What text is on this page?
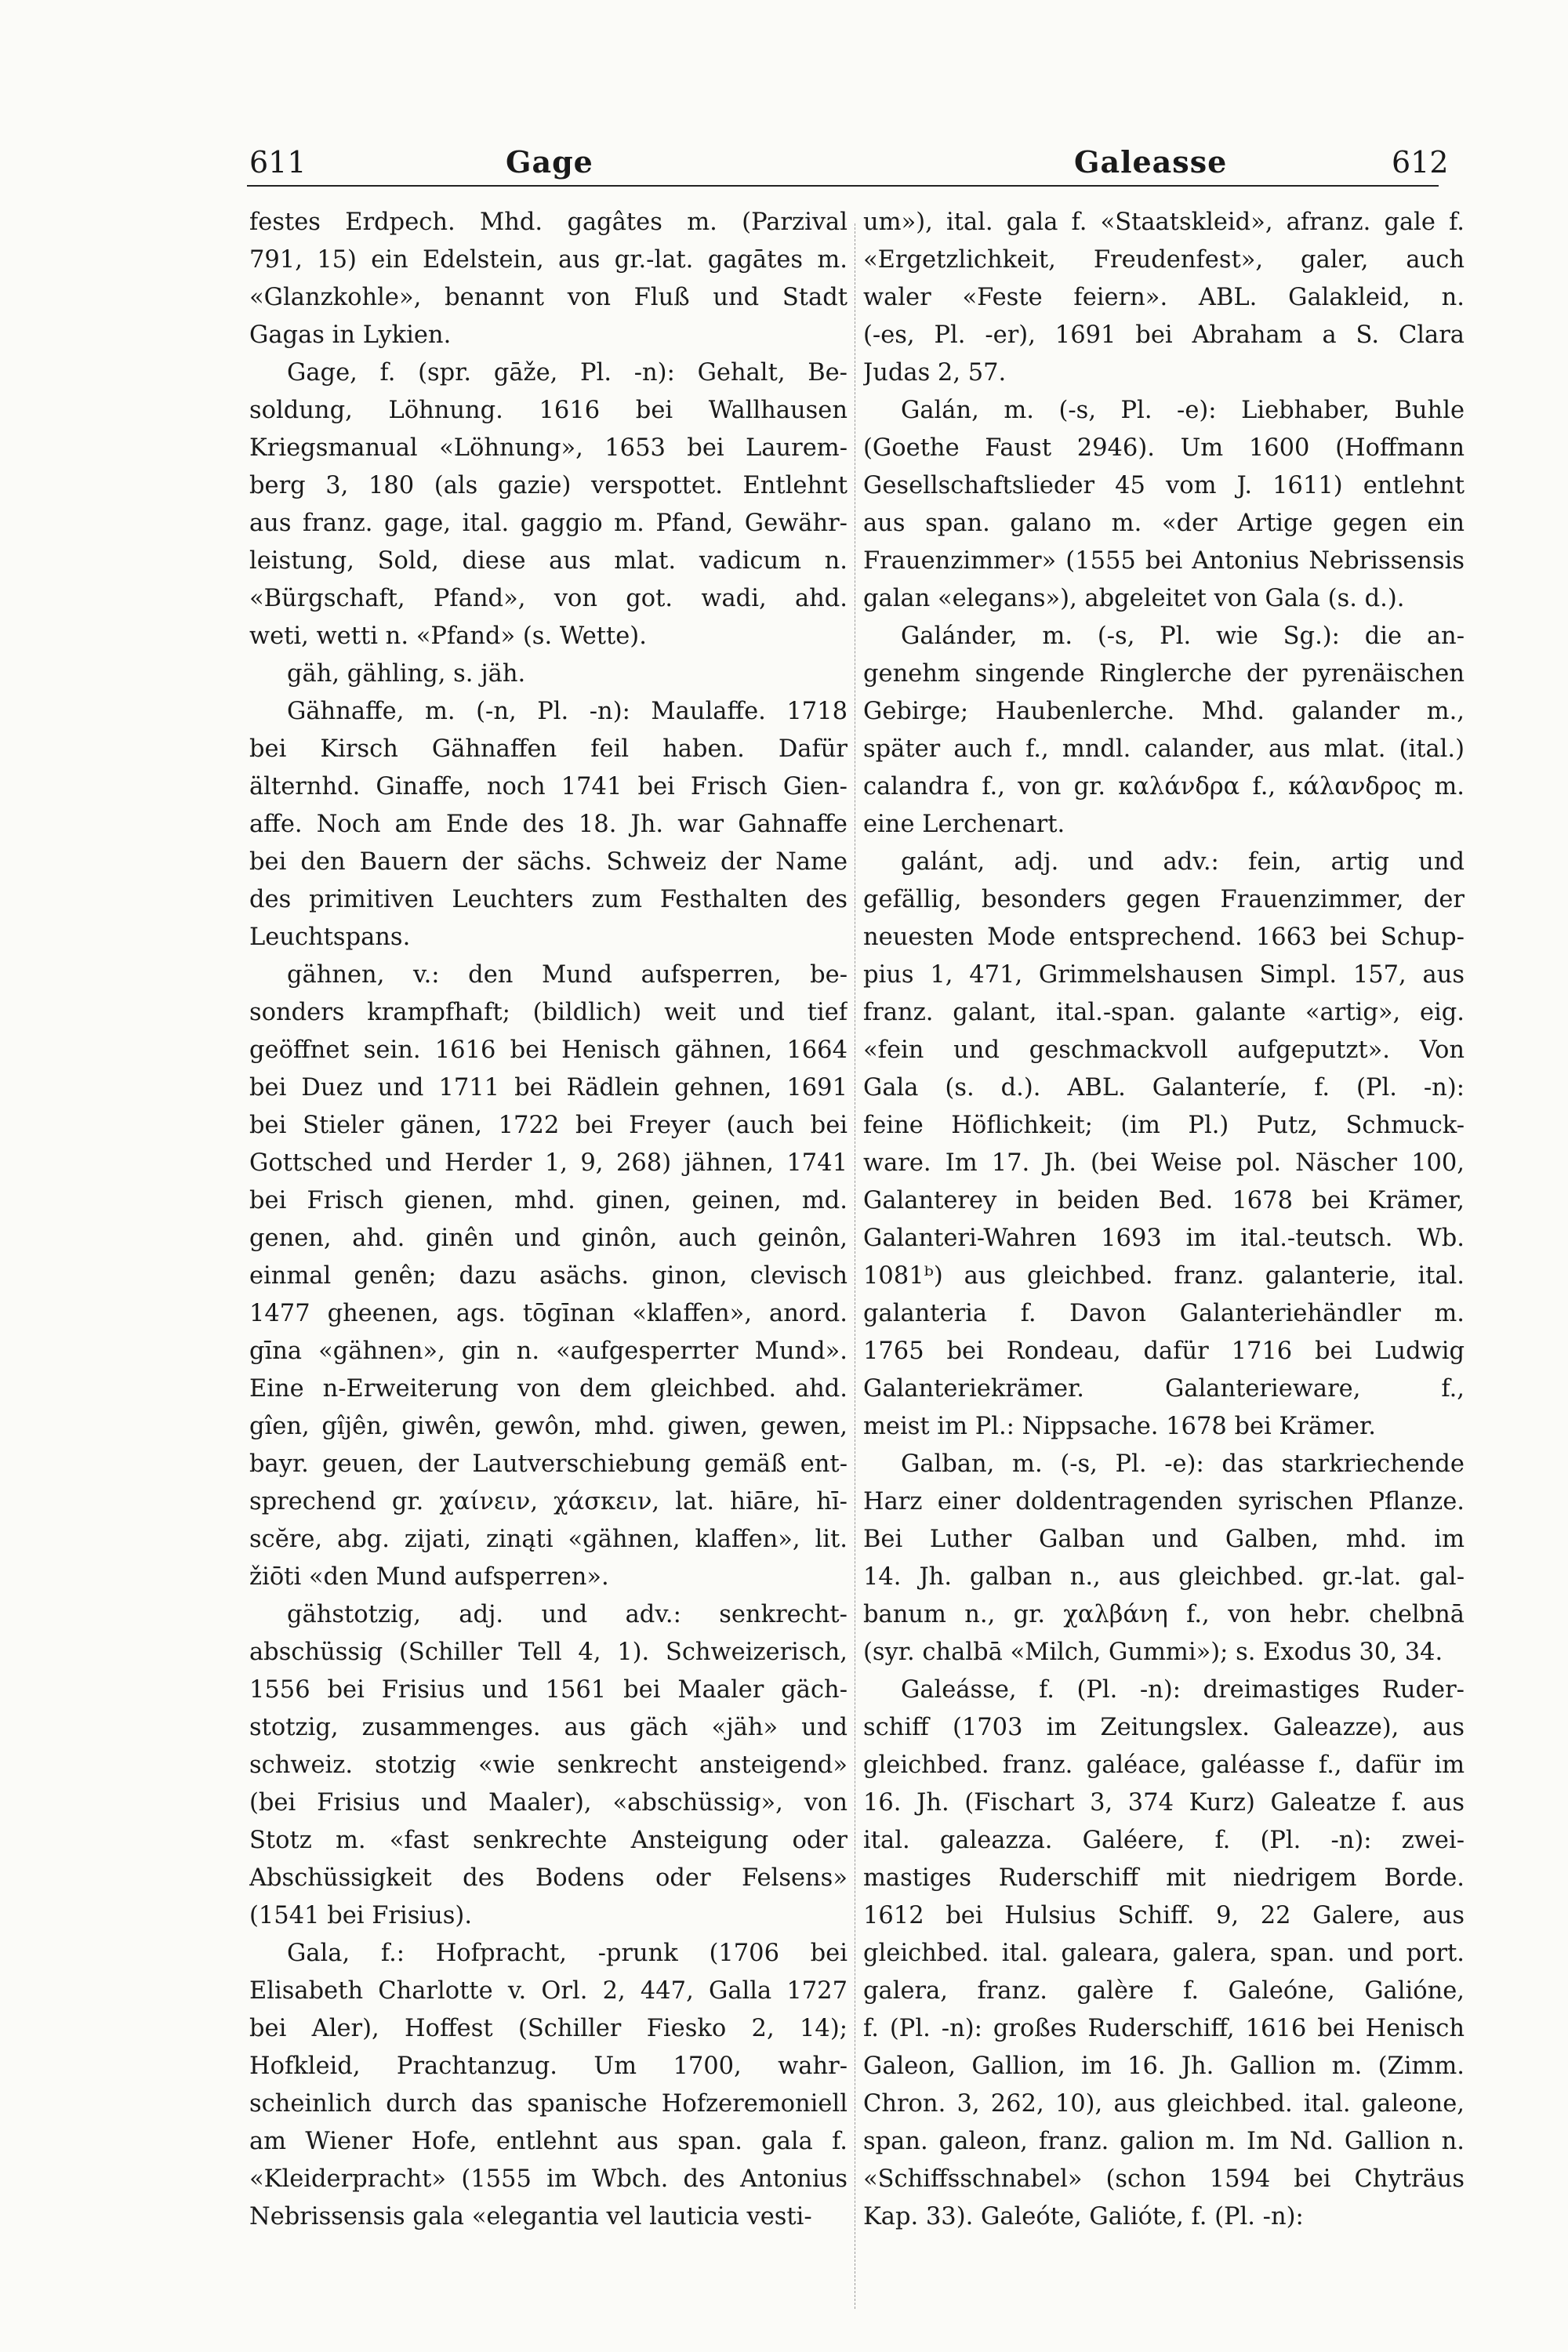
611	Gage	Galeasse	612
festes Erdpech. Mhd. gagâtes m. (Parzival
791, 15) ein Edelstein, aus gr.-lat. gagātes m.
«Glanzkohle», benannt von Fluß und Stadt
Gagas in Lykien.
Gage, f. (spr. gāže, Pl. -n): Gehalt, Be-
soldung, Löhnung. 1616 bei Wallhausen
Kriegsmanual «Löhnung», 1653 bei Laurem-
berg 3, 180 (als gazie) verspottet. Entlehnt
aus franz. gage, ital. gaggio m. Pfand, Gewähr-
leistung, Sold, diese aus mlat. vadicum n.
«Bürgschaft, Pfand», von got. wadi, ahd.
weti, wetti n. «Pfand» (s. Wette).
gäh, gähling, s. jäh.
Gähnaffe, m. (-n, Pl. -n): Maulaffe. 1718
bei Kirsch Gähnaffen feil haben. Dafür
älternhd. Ginaffe, noch 1741 bei Frisch Gien-
affe. Noch am Ende des 18. Jh. war Gahnaffe
bei den Bauern der sächs. Schweiz der Name
des primitiven Leuchters zum Festhalten des
Leuchtspans.
gähnen, v.: den Mund aufsperren, be-
sonders krampfhaft; (bildlich) weit und tief
geöffnet sein. 1616 bei Henisch gähnen, 1664
bei Duez und 1711 bei Rädlein gehnen, 1691
bei Stieler gänen, 1722 bei Freyer (auch bei
Gottsched und Herder 1, 9, 268) jähnen, 1741
bei Frisch gienen, mhd. ginen, geinen, md.
genen, ahd. ginên und ginôn, auch geinôn,
einmal genên; dazu asächs. ginon, clevisch
1477 gheenen, ags. tōgīnan «klaffen», anord.
gīna «gähnen», gin n. «aufgesperrter Mund».
Eine n-Erweiterung von dem gleichbed. ahd.
gîen, gîjên, giwên, gewôn, mhd. giwen, gewen,
bayr. geuen, der Lautverschiebung gemäß ent-
sprechend gr. χαίνειν, χάσκειν, lat. hiāre, hī-
scĕre, abg. zijati, zinąti «gähnen, klaffen», lit.
žiōti «den Mund aufsperren».
gähstotzig, adj. und adv.: senkrecht-
abschüssig (Schiller Tell 4, 1). Schweizerisch,
1556 bei Frisius und 1561 bei Maaler gäch-
stotzig, zusammenges. aus gäch «jäh» und
schweiz. stotzig «wie senkrecht ansteigend»
(bei Frisius und Maaler), «abschüssig», von
Stotz m. «fast senkrechte Ansteigung oder
Abschüssigkeit des Bodens oder Felsens»
(1541 bei Frisius).
Gala, f.: Hofpracht, -prunk (1706 bei
Elisabeth Charlotte v. Orl. 2, 447, Galla 1727
bei Aler), Hoffest (Schiller Fiesko 2, 14);
Hofkleid, Prachtanzug. Um 1700, wahr-
scheinlich durch das spanische Hofzeremoniell
am Wiener Hofe, entlehnt aus span. gala f.
«Kleiderpracht» (1555 im Wbch. des Antonius
Nebrissensis gala «elegantia vel lauticia vesti-
um»), ital. gala f. «Staatskleid», afranz. gale f.
«Ergetzlichkeit, Freudenfest», galer, auch
waler «Feste feiern». ABL. Galakleid, n.
(-es, Pl. -er), 1691 bei Abraham a S. Clara
Judas 2, 57.
Galán, m. (-s, Pl. -e): Liebhaber, Buhle
(Goethe Faust 2946). Um 1600 (Hoffmann
Gesellschaftslieder 45 vom J. 1611) entlehnt
aus span. galano m. «der Artige gegen ein
Frauenzimmer» (1555 bei Antonius Nebrissensis
galan «elegans»), abgeleitet von Gala (s. d.).
Galánder, m. (-s, Pl. wie Sg.): die an-
genehm singende Ringlerche der pyrenäischen
Gebirge; Haubenlerche. Mhd. galander m.,
später auch f., mndl. calander, aus mlat. (ital.)
calandra f., von gr. καλάνδρα f., κάλανδρος m.
eine Lerchenart.
galánt, adj. und adv.: fein, artig und
gefällig, besonders gegen Frauenzimmer, der
neuesten Mode entsprechend. 1663 bei Schup-
pius 1, 471, Grimmelshausen Simpl. 157, aus
franz. galant, ital.-span. galante «artig», eig.
«fein und geschmackvoll aufgeputzt». Von
Gala (s. d.). ABL. Galanteríe, f. (Pl. -n):
feine Höflichkeit; (im Pl.) Putz, Schmuck-
ware. Im 17. Jh. (bei Weise pol. Näscher 100,
Galanterey in beiden Bed. 1678 bei Krämer,
Galanteri-Wahren 1693 im ital.-teutsch. Wb.
1081ᵇ) aus gleichbed. franz. galanterie, ital.
galanteria f. Davon Galanteriehändler m.
1765 bei Rondeau, dafür 1716 bei Ludwig
Galanteriekrämer. Galanterieware, f.,
meist im Pl.: Nippsache. 1678 bei Krämer.
Galban, m. (-s, Pl. -e): das starkriechende
Harz einer doldentragenden syrischen Pflanze.
Bei Luther Galban und Galben, mhd. im
14. Jh. galban n., aus gleichbed. gr.-lat. gal-
banum n., gr. χαλβάνη f., von hebr. chelbnā
(syr. chalbā «Milch, Gummi»); s. Exodus 30, 34.
Galeásse, f. (Pl. -n): dreimastiges Ruder-
schiff (1703 im Zeitungslex. Galeazze), aus
gleichbed. franz. galéace, galéasse f., dafür im
16. Jh. (Fischart 3, 374 Kurz) Galeatze f. aus
ital. galeazza. Galéere, f. (Pl. -n): zwei-
mastiges Ruderschiff mit niedrigem Borde.
1612 bei Hulsius Schiff. 9, 22 Galere, aus
gleichbed. ital. galeara, galera, span. und port.
galera, franz. galère f. Galeóne, Galióne,
f. (Pl. -n): großes Ruderschiff, 1616 bei Henisch
Galeon, Gallion, im 16. Jh. Gallion m. (Zimm.
Chron. 3, 262, 10), aus gleichbed. ital. galeone,
span. galeon, franz. galion m. Im Nd. Gallion n.
«Schiffsschnabel» (schon 1594 bei Chyträus
Kap. 33). Galeóte, Galióte, f. (Pl. -n):
